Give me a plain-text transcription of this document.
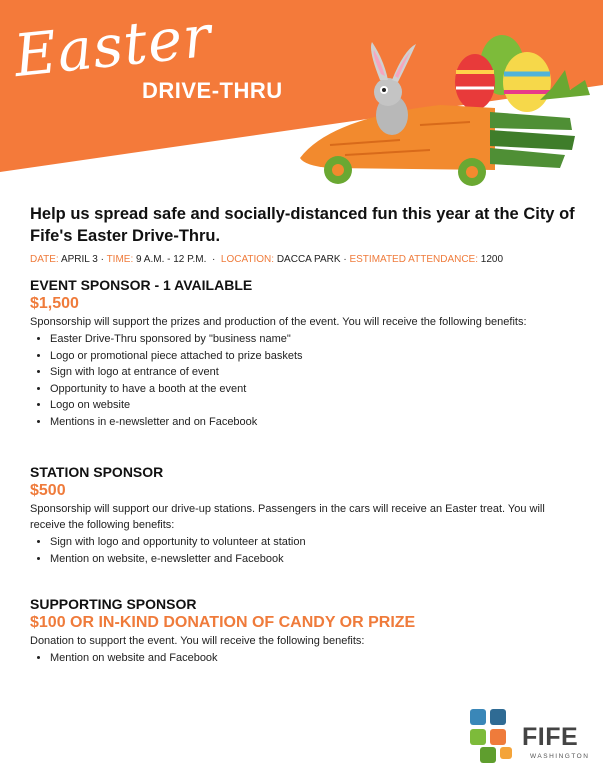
Easter
DRIVE-THRU

Help us spread safe and socially-distanced fun this year at the City of Fife's Easter Drive-Thru.

DATE: APRIL 3 · TIME: 9 A.M. - 12 P.M. · LOCATION: DACCA PARK · ESTIMATED ATTENDANCE: 1200

EVENT SPONSOR - 1 AVAILABLE

$1,500

Sponsorship will support the prizes and production of the event. You will receive the following benefits:

• Easter Drive-Thru sponsored by "business name"
• Logo or promotional piece attached to prize baskets
• Sign with logo at entrance of event
• Opportunity to have a booth at the event
• Logo on website
• Mentions in e-newsletter and on Facebook

STATION SPONSOR

$500

Sponsorship will support our drive-up stations. Passengers in the cars will receive an Easter treat. You will receive the following benefits:

• Sign with logo and opportunity to volunteer at station
• Mention on website, e-newsletter and Facebook

SUPPORTING SPONSOR

$100 OR IN-KIND DONATION OF CANDY OR PRIZE

Donation to support the event. You will receive the following benefits:

• Mention on website and Facebook
FIFE
WASHINGTON
